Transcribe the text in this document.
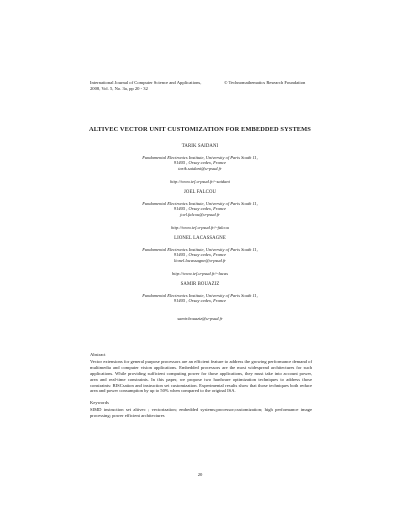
International Journal of Computer Science and Applications,
2008, Vol. 5, No. 3a, pp 20 - 32
© Technomathematics Research Foundation
ALTIVEC VECTOR UNIT CUSTOMIZATION FOR EMBEDDED SYSTEMS
TARIK SAIDANI
Fundamental Electronics Institute, University of Paris South 11,
91405 , Orsay cedex, France
tarik.saidani@u-psud.fr
http://www.ief.u-psud.fr/~saidani
JOEL FALCOU
Fundamental Electronics Institute, University of Paris South 11,
91405 , Orsay cedex, France
joel.falcou@u-psud.fr
http://www.ief.u-psud.fr/~falcou
LIONEL LACASSAGNE
Fundamental Electronics Institute, University of Paris South 11,
91405 , Orsay cedex, France
lionel.lacassagne@u-psud.fr
http://www.ief.u-psud.fr/~lacas
SAMIR BOUAZIZ
Fundamental Electronics Institute, University of Paris South 11,
91405 , Orsay cedex, France
samir.bouaziz@u-psud.fr
Abstract
Vector extensions for general purpose processors are an efficient feature to address the growing performance demand of multimedia and computer vision applications. Embedded processors are the most widespread architectures for such applications. While providing sufficient computing power for those applications, they must take into account power, area and real-time constraints. In this paper, we propose two hardware optimization techniques to address those constraints: RISCsation and instruction set customization. Experimental results show that those techniques both reduce area and power consumption by up to 50% when compared to the original ISA.
Keywords
SIMD instruction set altivec ; vectorization; embedded systems;processor;customization; high performance image processing; power efficient architectures
20
